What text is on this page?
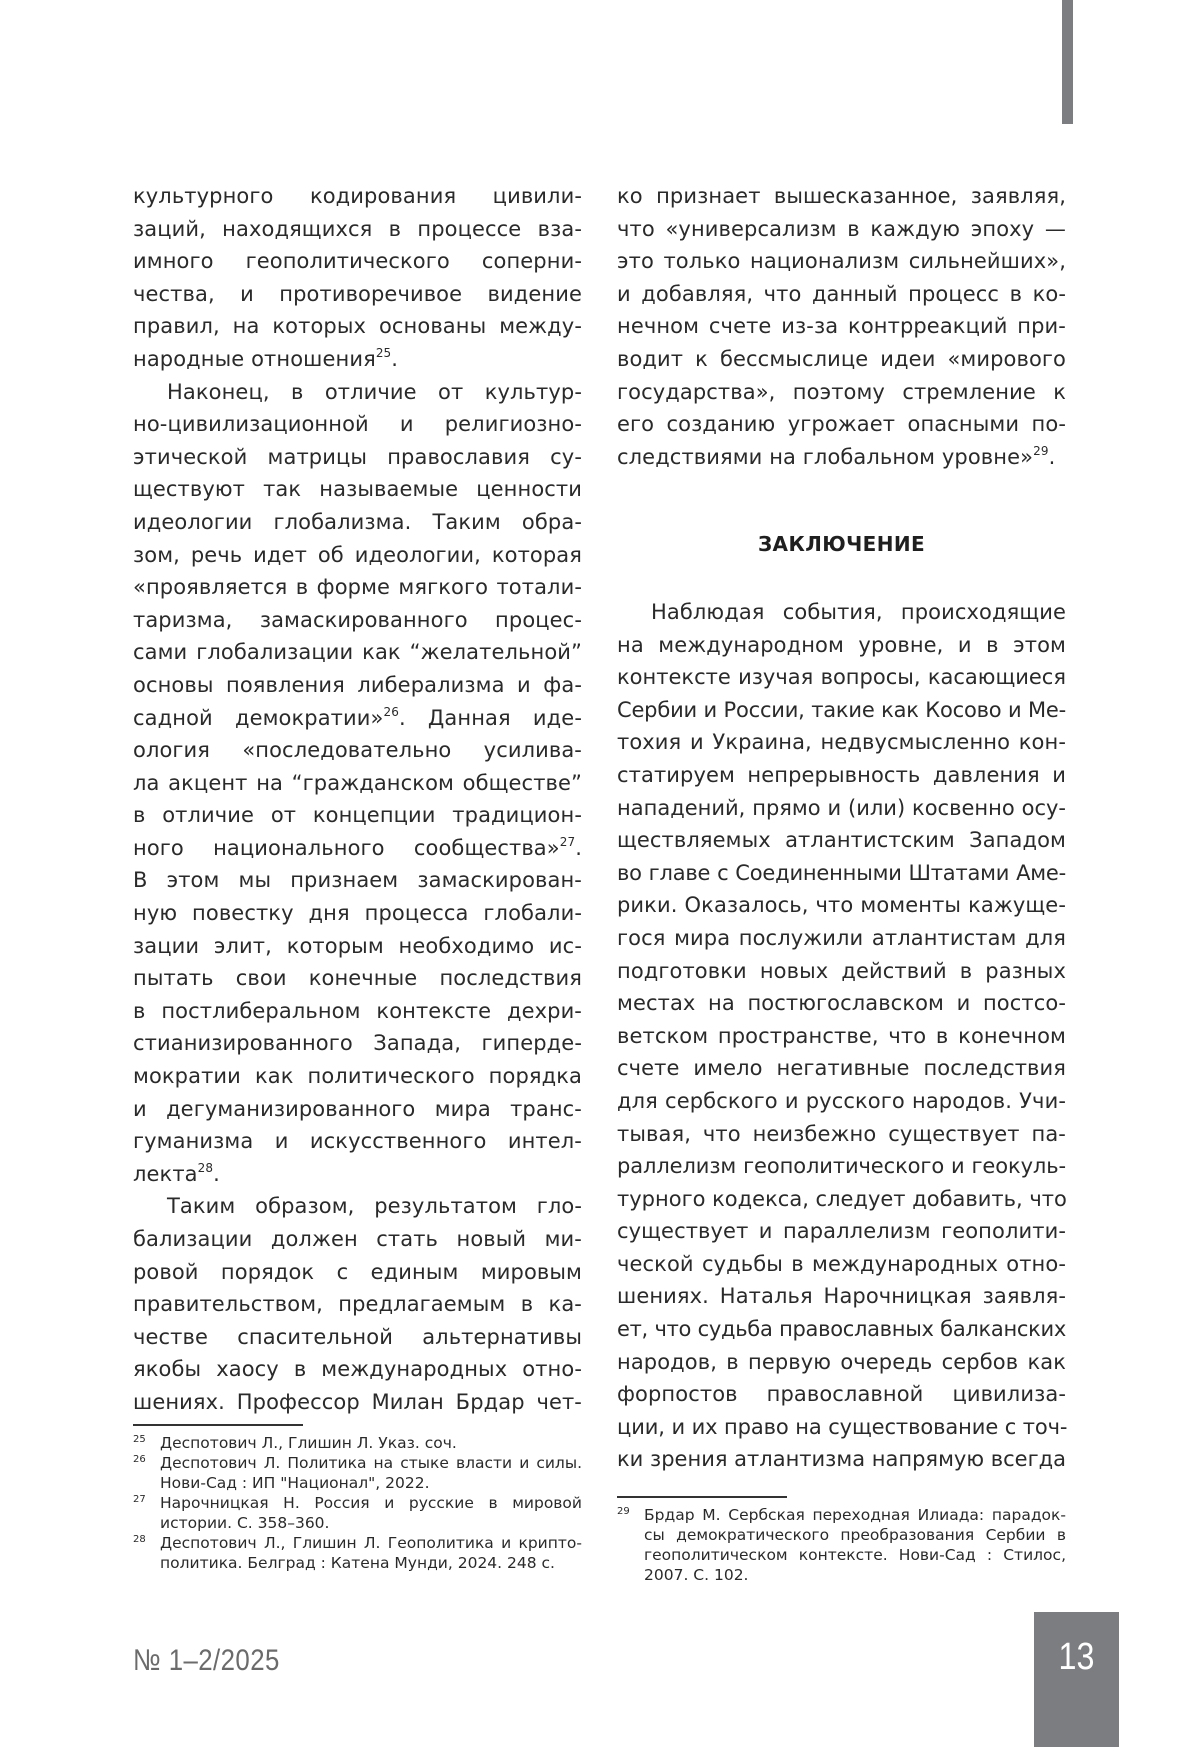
культурного кодирования цивили-
заций, находящихся в процессе вза-
имного геополитического соперни-
чества, и противоречивое видение
правил, на которых основаны между-
народные отношения$^{25}$.
Наконец, в отличие от культур-
но-цивилизационной и религиозно-
этической матрицы православия су-
ществуют так называемые ценности
идеологии глобализма. Таким обра-
зом, речь идет об идеологии, которая
«проявляется в форме мягкого тотали-
таризма, замаскированного процес-
сами глобализации как “желательной”
основы появления либерализма и фа-
садной демократии»$^{26}$. Данная иде-
ология «последовательно усилива-
ла акцент на “гражданском обществе”
в отличие от концепции традицион-
ного национального сообщества»$^{27}$.
В этом мы признаем замаскирован-
ную повестку дня процесса глобали-
зации элит, которым необходимо ис-
пытать свои конечные последствия
в постлиберальном контексте дехри-
стианизированного Запада, гиперде-
мократии как политического порядка
и дегуманизированного мира транс-
гуманизма и искусственного интел-
лекта$^{28}$.
Таким образом, результатом гло-
бализации должен стать новый ми-
ровой порядок с единым мировым
правительством, предлагаемым в ка-
честве спасительной альтернативы
якобы хаосу в международных отно-
шениях. Профессор Милан Брдар чет-
ко признает вышесказанное, заявляя,
что «универсализм в каждую эпоху —
это только национализм сильнейших»,
и добавляя, что данный процесс в ко-
нечном счете из-за контрреакций при-
водит к бессмыслице идеи «мирового
государства», поэтому стремление к
его созданию угрожает опасными по-
следствиями на глобальном уровне»$^{29}$.
ЗАКЛЮЧЕНИЕ
Наблюдая события, происходящие
на международном уровне, и в этом
контексте изучая вопросы, касающиеся
Сербии и России, такие как Косово и Ме-
тохия и Украина, недвусмысленно кон-
статируем непрерывность давления и
нападений, прямо и (или) косвенно осу-
ществляемых атлантистским Западом
во главе с Соединенными Штатами Аме-
рики. Оказалось, что моменты кажуще-
гося мира послужили атлантистам для
подготовки новых действий в разных
местах на постюгославском и постсо-
ветском пространстве, что в конечном
счете имело негативные последствия
для сербского и русского народов. Учи-
тывая, что неизбежно существует па-
раллелизм геополитического и геокуль-
турного кодекса, следует добавить, что
существует и параллелизм геополити-
ческой судьбы в международных отно-
шениях. Наталья Нарочницкая заявля-
ет, что судьба православных балканских
народов, в первую очередь сербов как
форпостов православной цивилиза-
ции, и их право на существование с точ-
ки зрения атлантизма напрямую всегда
25 Деспотович Л., Глишин Л. Указ. соч.
26 Деспотович Л. Политика на стыке власти и силы.
Нови-Сад : ИП "Национал", 2022.
27 Нарочницкая Н. Россия и русские в мировой
истории. С. 358–360.
28 Деспотович Л., Глишин Л. Геополитика и крипто-
политика. Белград : Катена Мунди, 2024. 248 с.
29 Брдар М. Сербская переходная Илиада: парадок-
сы демократического преобразования Сербии в
геополитическом контексте. Нови-Сад : Стилос,
2007. С. 102.
№ 1–2/2025	13
